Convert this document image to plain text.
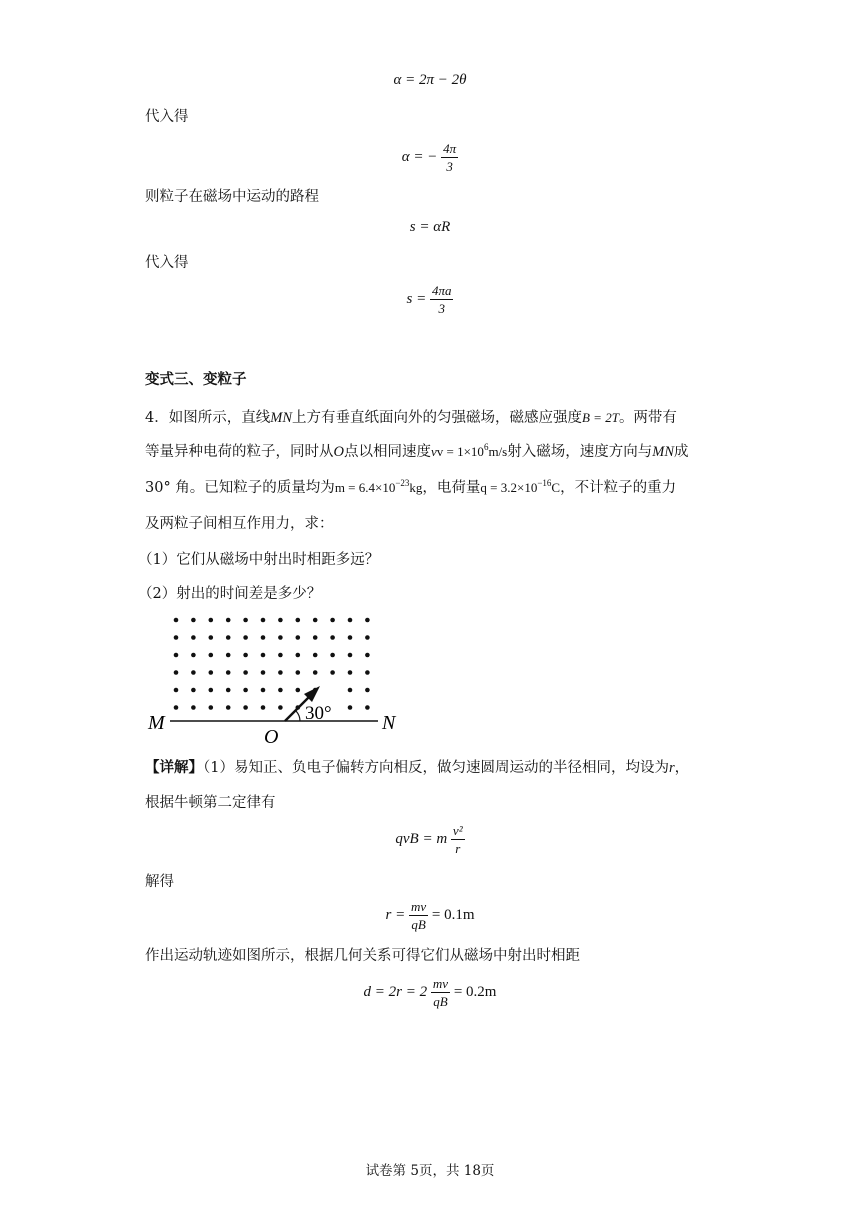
α = 2π − 2θ
代入得
α = − $\frac{4\pi}{3}$
则粒子在磁场中运动的路程
s = αR
代入得
$s = \frac{4\pi a}{3}$
变式三、变粒子
4．如图所示，直线MN上方有垂直纸面向外的匀强磁场，磁感应强度B = 2T。两带有
等量异种电荷的粒子，同时从O点以相同速度vv = $1\times 10^6m/s$射入磁场，速度方向与MN成
30° 角。已知粒子的质量均为$m = 6.4\times 10^{-23}kg$，电荷量$q = 3.2\times 10^{-16}C$，不计粒子的重力
及两粒子间相互作用力，求：
（1）它们从磁场中射出时相距多远？
（2）射出的时间差是多少？
M	N
O
30°
【详解】（1）易知正、负电子偏转方向相反，做匀速圆周运动的半径相同，均设为r，
根据牛顿第二定律有
qvB = m $\frac{\text{v²}}{r}$
解得
$r = \frac{mv}{qB} = 0.1m$
作出运动轨迹如图所示，根据几何关系可得它们从磁场中射出时相距
$d = 2r = 2 \frac{mv}{qB} = 0.2m$
试卷第 5页，共 18页
